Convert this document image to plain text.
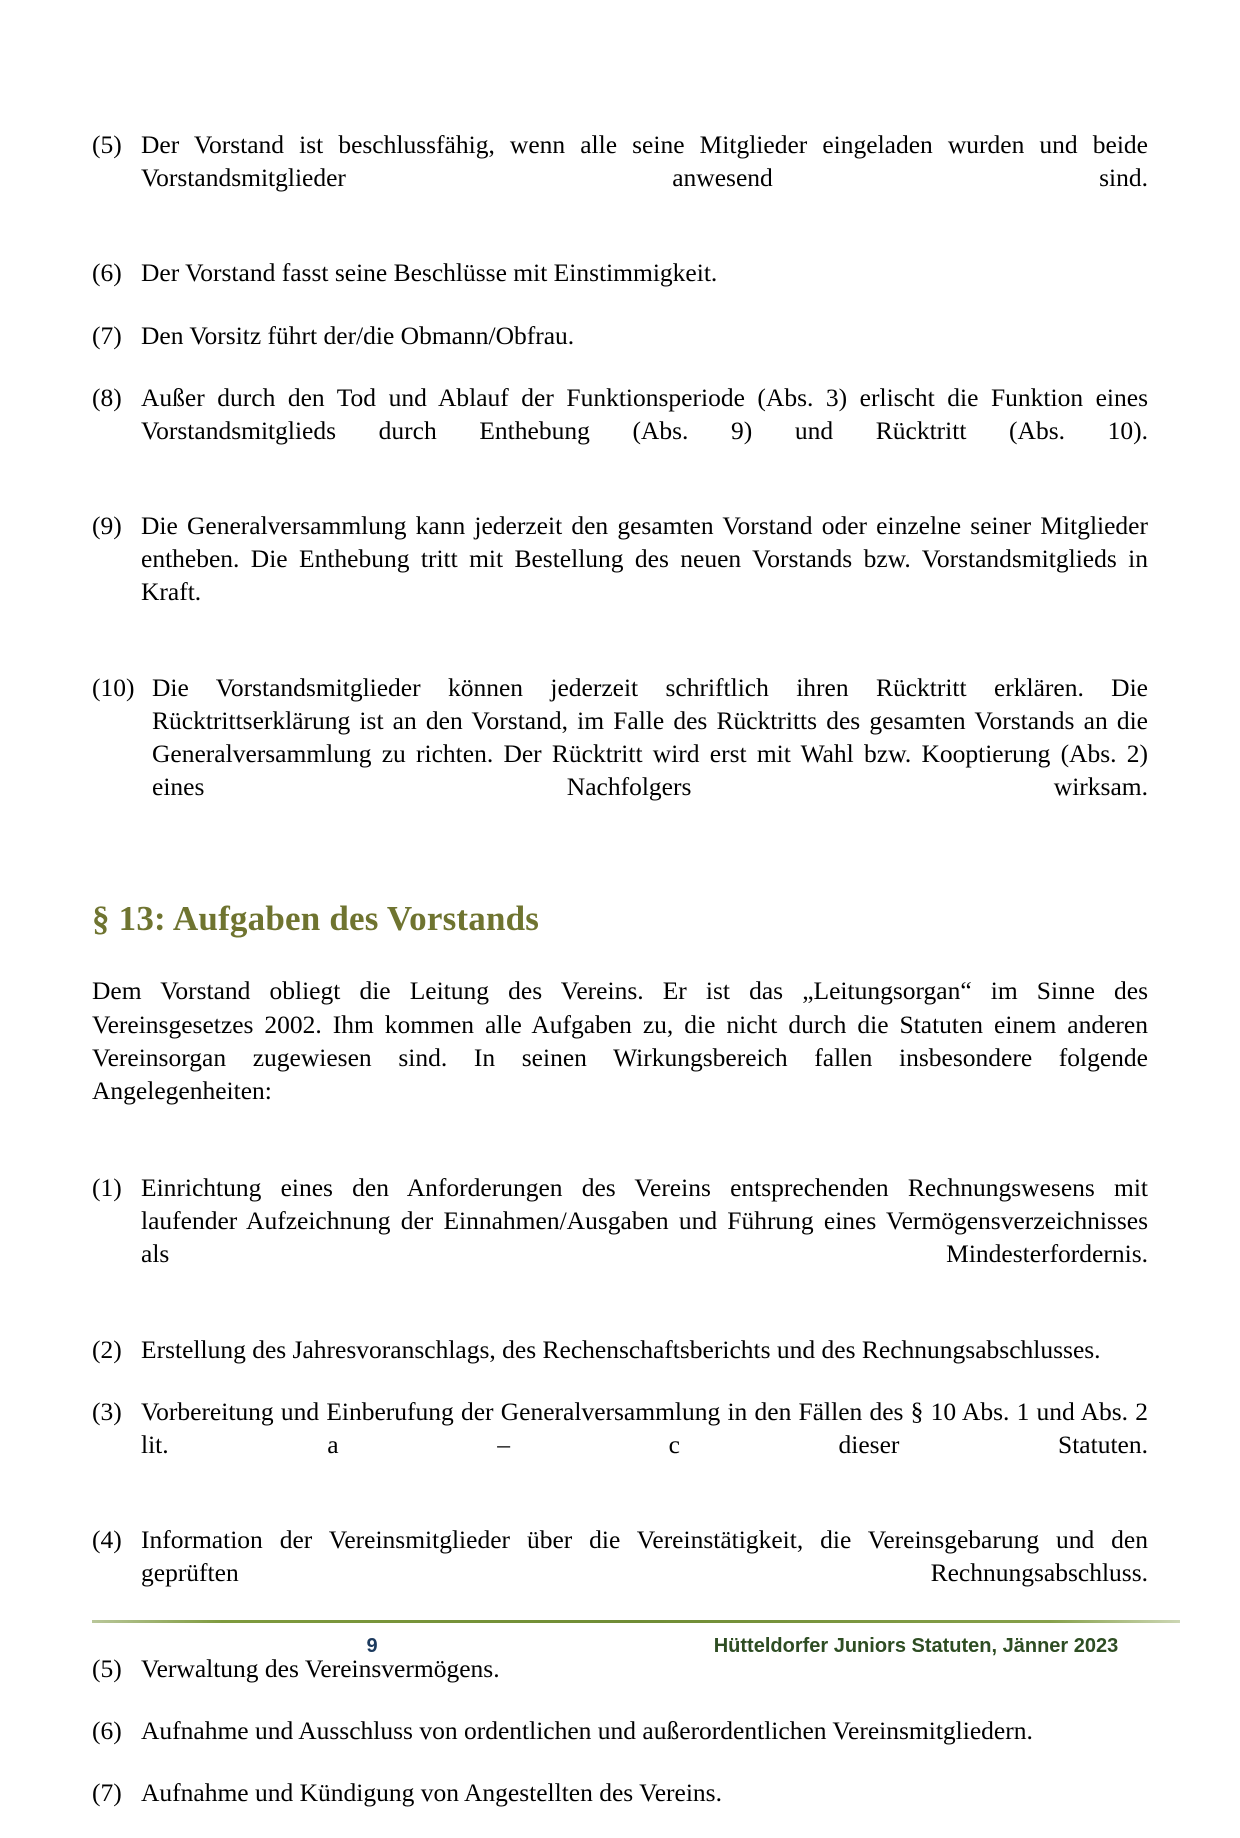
(5) Der Vorstand ist beschlussfähig, wenn alle seine Mitglieder eingeladen wurden und beide Vorstandsmitglieder anwesend sind.
(6) Der Vorstand fasst seine Beschlüsse mit Einstimmigkeit.
(7) Den Vorsitz führt der/die Obmann/Obfrau.
(8) Außer durch den Tod und Ablauf der Funktionsperiode (Abs. 3) erlischt die Funktion eines Vorstandsmitglieds durch Enthebung (Abs. 9) und Rücktritt (Abs. 10).
(9) Die Generalversammlung kann jederzeit den gesamten Vorstand oder einzelne seiner Mitglieder entheben. Die Enthebung tritt mit Bestellung des neuen Vorstands bzw. Vorstandsmitglieds in Kraft.
(10) Die Vorstandsmitglieder können jederzeit schriftlich ihren Rücktritt erklären. Die Rücktrittserklärung ist an den Vorstand, im Falle des Rücktritts des gesamten Vorstands an die Generalversammlung zu richten. Der Rücktritt wird erst mit Wahl bzw. Kooptierung (Abs. 2) eines Nachfolgers wirksam.
§ 13: Aufgaben des Vorstands

Dem Vorstand obliegt die Leitung des Vereins. Er ist das „Leitungsorgan“ im Sinne des Vereinsgesetzes 2002. Ihm kommen alle Aufgaben zu, die nicht durch die Statuten einem anderen Vereinsorgan zugewiesen sind. In seinen Wirkungsbereich fallen insbesondere folgende Angelegenheiten:

(1) Einrichtung eines den Anforderungen des Vereins entsprechenden Rechnungswesens mit laufender Aufzeichnung der Einnahmen/Ausgaben und Führung eines Vermögensverzeichnisses als Mindesterfordernis.
(2) Erstellung des Jahresvoranschlags, des Rechenschaftsberichts und des Rechnungsabschlusses.
(3) Vorbereitung und Einberufung der Generalversammlung in den Fällen des § 10 Abs. 1 und Abs. 2 lit. a – c dieser Statuten.
(4) Information der Vereinsmitglieder über die Vereinstätigkeit, die Vereinsgebarung und den geprüften Rechnungsabschluss.
(5) Verwaltung des Vereinsvermögens.
(6) Aufnahme und Ausschluss von ordentlichen und außerordentlichen Vereinsmitgliedern.
(7) Aufnahme und Kündigung von Angestellten des Vereins.
9	Hütteldorfer Juniors Statuten, Jänner 2023
